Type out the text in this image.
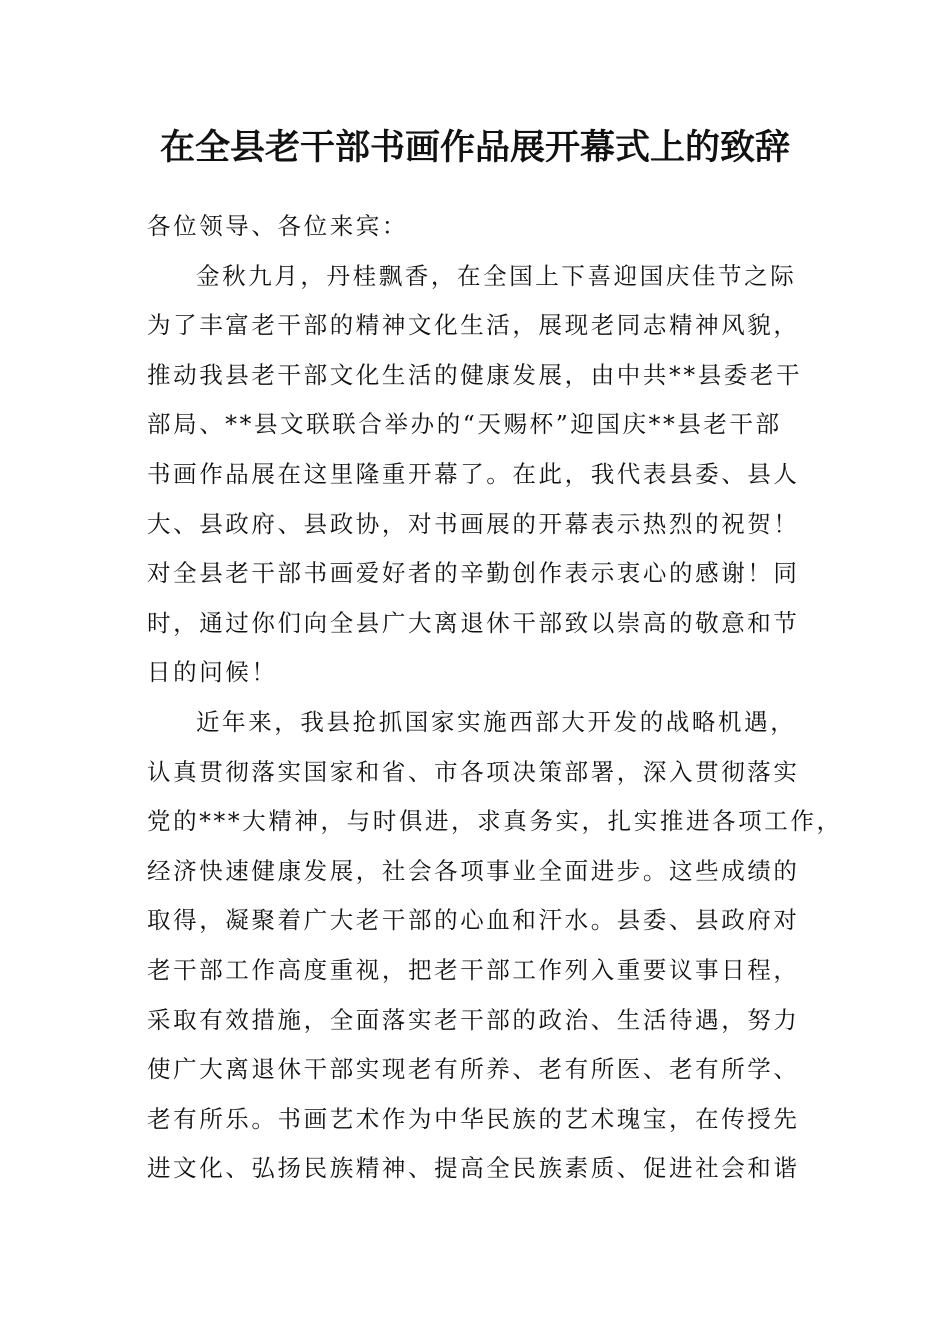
在全县老干部书画作品展开幕式上的致辞
各位领导、各位来宾：
金秋九月，丹桂飘香，在全国上下喜迎国庆佳节之际
为了丰富老干部的精神文化生活，展现老同志精神风貌，
推动我县老干部文化生活的健康发展，由中共**县委老干
部局、**县文联联合举办的“天赐杯”迎国庆**县老干部
书画作品展在这里隆重开幕了。在此，我代表县委、县人
大、县政府、县政协，对书画展的开幕表示热烈的祝贺！
对全县老干部书画爱好者的辛勤创作表示衷心的感谢！同
时，通过你们向全县广大离退休干部致以崇高的敬意和节
日的问候！
近年来，我县抢抓国家实施西部大开发的战略机遇，
认真贯彻落实国家和省、市各项决策部署，深入贯彻落实
党的***大精神，与时俱进，求真务实，扎实推进各项工作，
经济快速健康发展，社会各项事业全面进步。这些成绩的
取得，凝聚着广大老干部的心血和汗水。县委、县政府对
老干部工作高度重视，把老干部工作列入重要议事日程，
采取有效措施，全面落实老干部的政治、生活待遇，努力
使广大离退休干部实现老有所养、老有所医、老有所学、
老有所乐。书画艺术作为中华民族的艺术瑰宝，在传授先
进文化、弘扬民族精神、提高全民族素质、促进社会和谐
